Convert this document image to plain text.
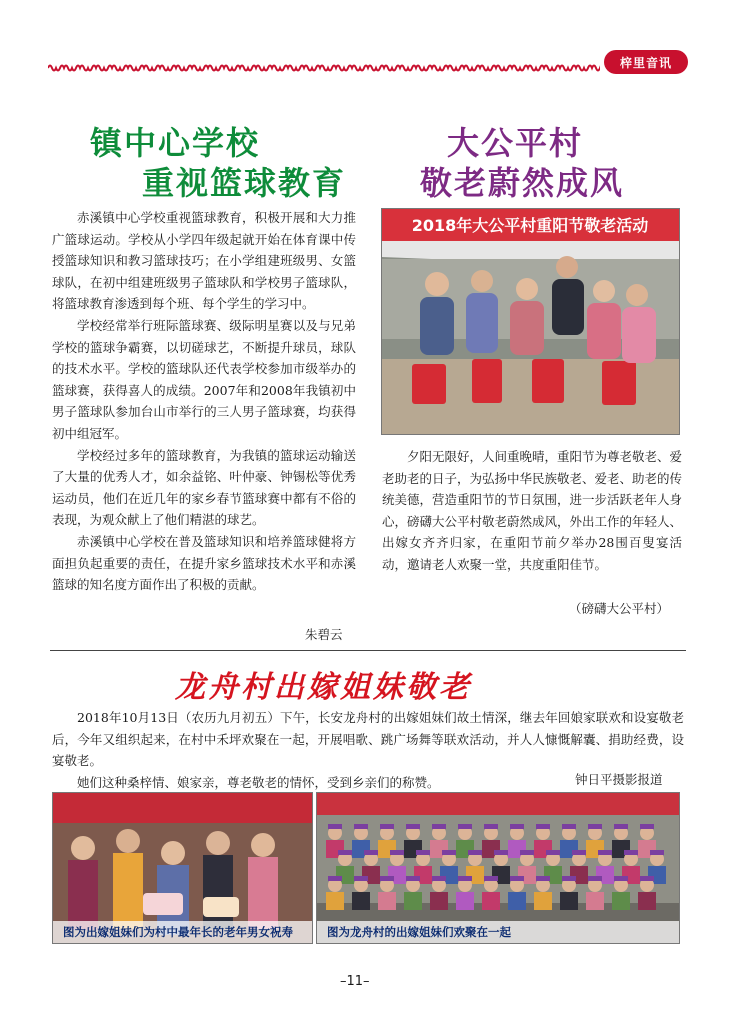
梓里音讯
镇中心学校
重视篮球教育
大公平村
敬老蔚然成风

赤溪镇中心学校重视篮球教育，积极开展和大力推广篮球运动。学校从小学四年级起就开始在体育课中传授篮球知识和教习篮球技巧；在小学组建班级男、女篮球队，在初中组建班级男子篮球队和学校男子篮球队，将篮球教育渗透到每个班、每个学生的学习中。

学校经常举行班际篮球赛、级际明星赛以及与兄弟学校的篮球争霸赛，以切磋球艺，不断提升球员，球队的技术水平。学校的篮球队还代表学校参加市级举办的篮球赛，获得喜人的成绩。2007年和2008年我镇初中男子篮球队参加台山市举行的三人男子篮球赛，均获得初中组冠军。

学校经过多年的篮球教育，为我镇的篮球运动输送了大量的优秀人才，如余益铭、叶仲豪、钟锡松等优秀运动员，他们在近几年的家乡春节篮球赛中都有不俗的表现，为观众献上了他们精湛的球艺。

赤溪镇中心学校在普及篮球知识和培养篮球健将方面担负起重要的责任，在提升家乡篮球技术水平和赤溪篮球的知名度方面作出了积极的贡献。

朱碧云
2018年大公平村重阳节敬老活动

夕阳无限好，人间重晚晴，重阳节为尊老敬老、爱老助老的日子，为弘扬中华民族敬老、爱老、助老的传统美德，营造重阳节的节日氛围，进一步活跃老年人身心，磅礴大公平村敬老蔚然成风，外出工作的年轻人、出嫁女齐齐归家，在重阳节前夕举办28围百叟宴活动，邀请老人欢聚一堂，共度重阳佳节。

（磅礴大公平村）
龙舟村出嫁姐妹敬老

2018年10月13日（农历九月初五）下午，长安龙舟村的出嫁姐妹们故土情深，继去年回娘家联欢和设宴敬老后，今年又组织起来，在村中禾坪欢聚在一起，开展唱歌、跳广场舞等联欢活动，并人人慷慨解囊、捐助经费，设宴敬老。

她们这种桑梓情、娘家亲，尊老敬老的情怀，受到乡亲们的称赞。	钟日平摄影报道
图为出嫁姐妹们为村中最年长的老年男女祝寿	图为龙舟村的出嫁姐妹们欢聚在一起
–11–
